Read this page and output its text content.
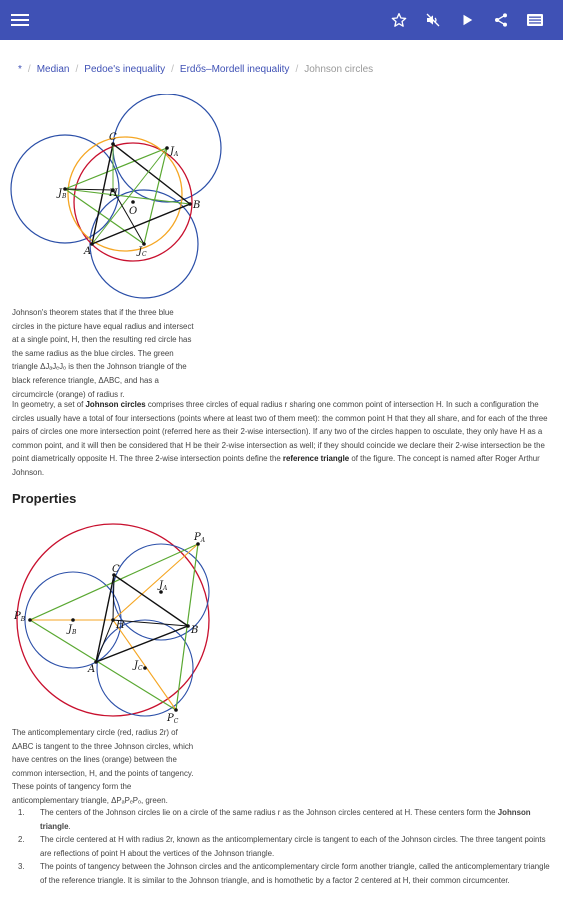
* / Median / Pedoe's inequality / Erdős–Mordell inequality / Johnson circles
C
$J_A$
$J_B$	H
O
B
A	$J_C$
Johnson's theorem states that if the three blue
circles in the picture have equal radius and intersect
at a single point, H, then the resulting red circle has
the same radius as the blue circles. The green
triangle ΔJₐJₑJₒ is then the Johnson triangle of the
black reference triangle, ΔABC, and has a
circumcircle (orange) of radius r.
In geometry, a set of Johnson circles comprises three circles of equal radius r sharing one common point of intersection H. In such a configuration the circles usually have a total of four intersections (points where at least two of them meet): the common point H that they all share, and for each of the three pairs of circles one more intersection point (referred here as their 2-wise intersection). If any two of the circles happen to osculate, they only have H as a common point, and it will then be considered that H be their 2-wise intersection as well; if they should coincide we declare their 2-wise intersection be the point diametrically opposite H. The three 2-wise intersection points define the reference triangle of the figure. The concept is named after Roger Arthur Johnson.
Properties
$P_A$
C
$J_A$
$P_B$
$J_B$
H	B
A	$J_C$
$P_C$
The anticomplementary circle (red, radius 2r) of
ΔABC is tangent to the three Johnson circles, which
have centres on the lines (orange) between the
common intersection, H, and the points of tangency.
These points of tangency form the
anticomplementary triangle, ΔPₐPₑPₒ, green.
1. The centers of the Johnson circles lie on a circle of the same radius r as the Johnson circles centered at H. These centers form the Johnson triangle.
2. The circle centered at H with radius 2r, known as the anticomplementary circle is tangent to each of the Johnson circles. The three tangent points are reflections of point H about the vertices of the Johnson triangle.
3. The points of tangency between the Johnson circles and the anticomplementary circle form another triangle, called the anticomplementary triangle of the reference triangle. It is similar to the Johnson triangle, and is homothetic by a factor 2 centered at H, their common circumcenter.
